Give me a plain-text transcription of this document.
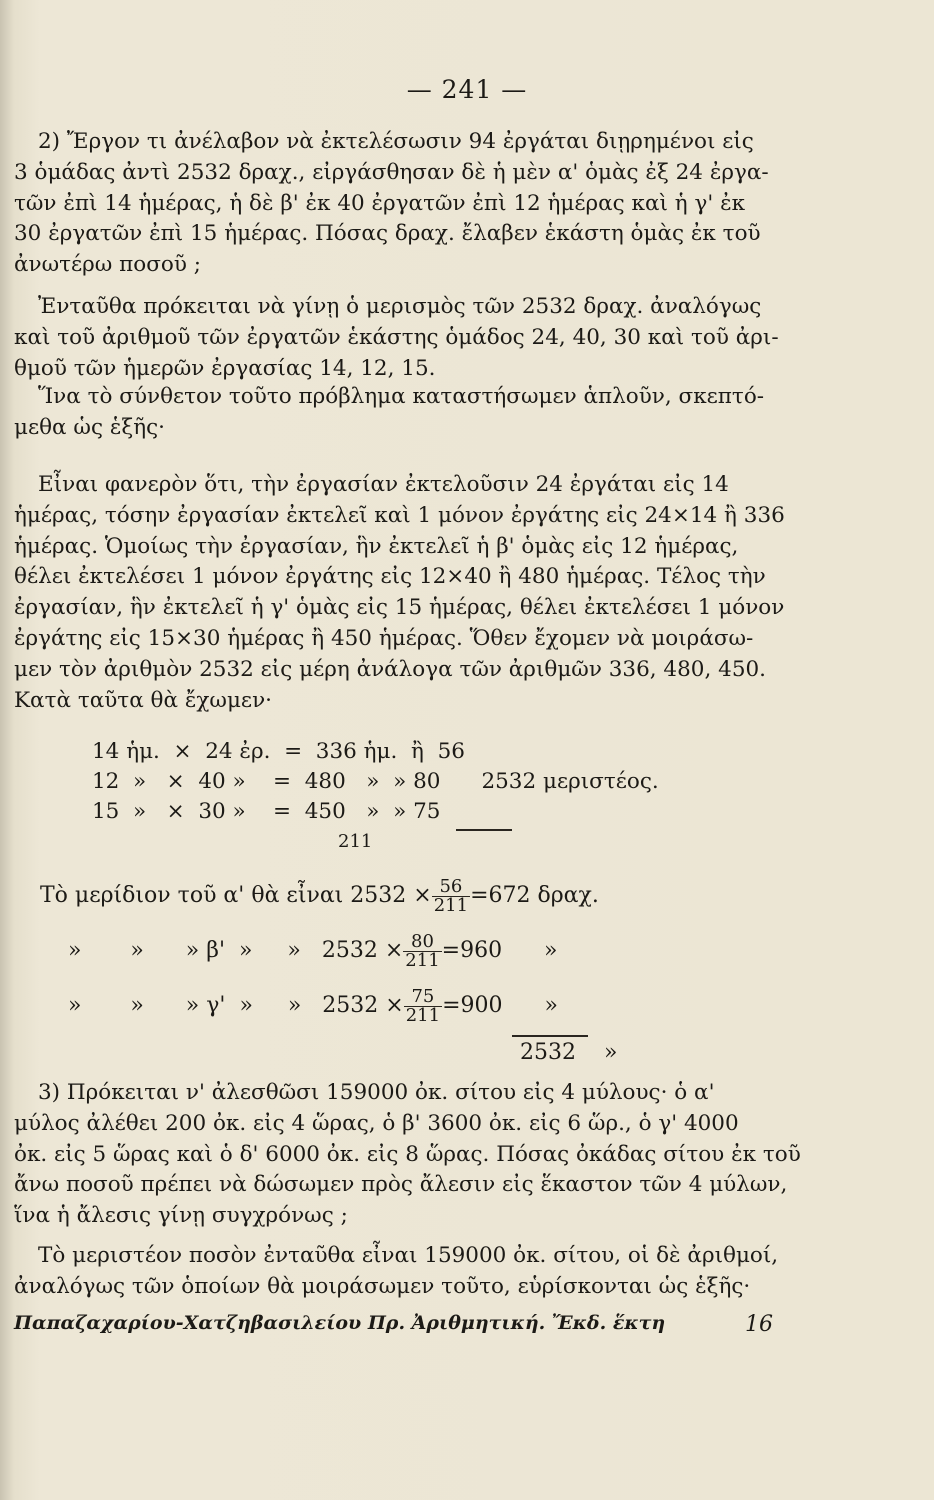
— 241 —
2) Ἔργον τι ἀνέλαβον νὰ ἐκτελέσωσιν 94 ἐργάται διῃρημένοι εἰς
3 ὁμάδας ἀντὶ 2532 δραχ., εἰργάσθησαν δὲ ἡ μὲν α' ὁμὰς ἐξ 24 ἐργα-
τῶν ἐπὶ 14 ἡμέρας, ἡ δὲ β' ἐκ 40 ἐργατῶν ἐπὶ 12 ἡμέρας καὶ ἡ γ' ἐκ
30 ἐργατῶν ἐπὶ 15 ἡμέρας. Πόσας δραχ. ἔλαβεν ἑκάστη ὁμὰς ἐκ τοῦ
ἀνωτέρω ποσοῦ ;
Ἐνταῦθα πρόκειται νὰ γίνῃ ὁ μερισμὸς τῶν 2532 δραχ. ἀναλόγως
καὶ τοῦ ἀριθμοῦ τῶν ἐργατῶν ἑκάστης ὁμάδος 24, 40, 30 καὶ τοῦ ἀρι-
θμοῦ τῶν ἡμερῶν ἐργασίας 14, 12, 15.
Ἵνα τὸ σύνθετον τοῦτο πρόβλημα καταστήσωμεν ἁπλοῦν, σκεπτό-
μεθα ὡς ἑξῆς·
Εἶναι φανερὸν ὅτι, τὴν ἐργασίαν ἐκτελοῦσιν 24 ἐργάται εἰς 14
ἡμέρας, τόσην ἐργασίαν ἐκτελεῖ καὶ 1 μόνον ἐργάτης εἰς 24×14 ἢ 336
ἡμέρας. Ὁμοίως τὴν ἐργασίαν, ἣν ἐκτελεῖ ἡ β' ὁμὰς εἰς 12 ἡμέρας,
θέλει ἐκτελέσει 1 μόνον ἐργάτης εἰς 12×40 ἢ 480 ἡμέρας. Τέλος τὴν
ἐργασίαν, ἣν ἐκτελεῖ ἡ γ' ὁμὰς εἰς 15 ἡμέρας, θέλει ἐκτελέσει 1 μόνον
ἐργάτης εἰς 15×30 ἡμέρας ἢ 450 ἡμέρας. Ὅθεν ἔχομεν νὰ μοιράσω-
μεν τὸν ἀριθμὸν 2532 εἰς μέρη ἀνάλογα τῶν ἀριθμῶν 336, 480, 450.
Κατὰ ταῦτα θὰ ἔχωμεν·
14 ἡμ.  ×  24 ἐρ.  =  336 ἡμ.  ἢ  56
12  »   ×  40 »    =  480   »  » 80      2532 μεριστέος.
15  »   ×  30 »    =  450   »  » 75
211
Τὸ μερίδιον τοῦ α' θὰ εἶναι $2532 \times \frac{56}{211} =672$ δραχ.
»       »      » β'  »     »   $2532 \times \frac{80}{211} =960$      »
»       »      » γ'  »     »   $2532 \times \frac{75}{211} =900$      »
2532    »
3) Πρόκειται ν' ἀλεσθῶσι 159000 ὀκ. σίτου εἰς 4 μύλους· ὁ α'
μύλος ἀλέθει 200 ὀκ. εἰς 4 ὥρας, ὁ β' 3600 ὀκ. εἰς 6 ὥρ., ὁ γ' 4000
ὀκ. εἰς 5 ὥρας καὶ ὁ δ' 6000 ὀκ. εἰς 8 ὥρας. Πόσας ὀκάδας σίτου ἐκ τοῦ
ἄνω ποσοῦ πρέπει νὰ δώσωμεν πρὸς ἄλεσιν εἰς ἕκαστον τῶν 4 μύλων,
ἵνα ἡ ἄλεσις γίνῃ συγχρόνως ;
Τὸ μεριστέον ποσὸν ἐνταῦθα εἶναι 159000 ὀκ. σίτου, οἱ δὲ ἀριθμοί,
ἀναλόγως τῶν ὁποίων θὰ μοιράσωμεν τοῦτο, εὑρίσκονται ὡς ἑξῆς·
Παπαζαχαρίου-Χατζηβασιλείου Πρ. Ἀριθμητική. Ἔκδ. ἕκτη	16
